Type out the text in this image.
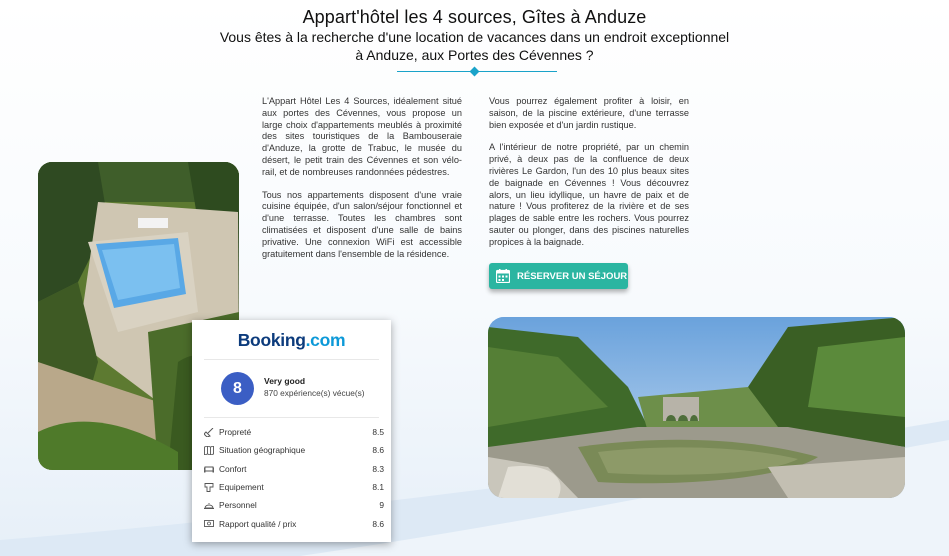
Appart'hôtel les 4 sources, Gîtes à Anduze

Vous êtes à la recherche d'une location de vacances dans un endroit exceptionnel

à Anduze, aux Portes des Cévennes ?

L'Appart Hôtel Les 4 Sources, idéalement situé aux portes des Cévennes, vous propose un large choix d'appartements meublés à proximité des sites touristiques de la Bambouseraie d'Anduze, la grotte de Trabuc, le musée du désert, le petit train des Cévennes et son vélo-rail, et de nombreuses randonnées pédestres.

Tous nos appartements disposent d'une vraie cuisine équipée, d'un salon/séjour fonctionnel et d'une terrasse. Toutes les chambres sont climatisées et disposent d'une salle de bains privative. Une connexion WiFi est accessible gratuitement dans l'ensemble de la résidence.

Vous pourrez également profiter à loisir, en saison, de la piscine extérieure, d'une terrasse bien exposée et d'un jardin rustique.

A l'intérieur de notre propriété, par un chemin privé, à deux pas de la confluence de deux rivières Le Gardon, l'un des 10 plus beaux sites de baignade en Cévennes ! Vous découvrez alors, un lieu idyllique, un havre de paix et de nature ! Vous profiterez de la rivière et de ses plages de sable entre les rochers. Vous pourrez sauter ou plonger, dans des piscines naturelles propices à la baignade.

RÉSERVER UN SÉJOUR
Booking.com
8	Very good
870 expérience(s) vécue(s)
Propreté	8.5
Situation géographique	8.6
Confort	8.3
Equipement	8.1
Personnel	9
Rapport qualité / prix	8.6
